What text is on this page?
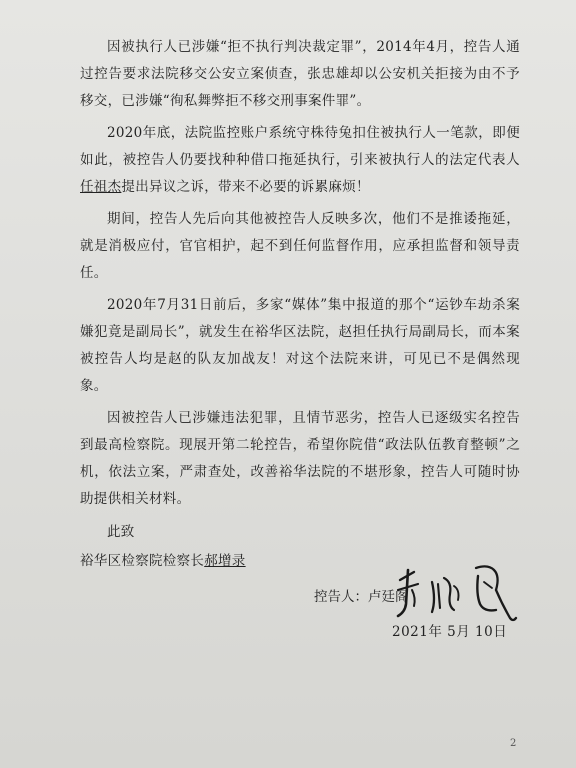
因被执行人已涉嫌“拒不执行判决裁定罪”，2014年4月，控告人通过控告要求法院移交公安立案侦查，张忠雄却以公安机关拒接为由不予移交，已涉嫌“徇私舞弊拒不移交刑事案件罪”。

2020年底，法院监控账户系统守株待兔扣住被执行人一笔款，即便如此，被控告人仍要找种种借口拖延执行，引来被执行人的法定代表人任祖杰提出异议之诉，带来不必要的诉累麻烦！

期间，控告人先后向其他被控告人反映多次，他们不是推诿拖延，就是消极应付，官官相护，起不到任何监督作用，应承担监督和领导责任。

2020年7月31日前后，多家“媒体”集中报道的那个“运钞车劫杀案嫌犯竟是副局长”，就发生在裕华区法院，赵担任执行局副局长，而本案被控告人均是赵的队友加战友！对这个法院来讲，可见已不是偶然现象。

因被控告人已涉嫌违法犯罪，且情节恶劣，控告人已逐级实名控告到最高检察院。现展开第二轮控告，希望你院借“政法队伍教育整顿”之机，依法立案，严肃查处，改善裕华法院的不堪形象，控告人可随时协助提供相关材料。

此致

裕华区检察院检察长郝增录

控告人：卢廷阁
2021年 5月 10日
2
